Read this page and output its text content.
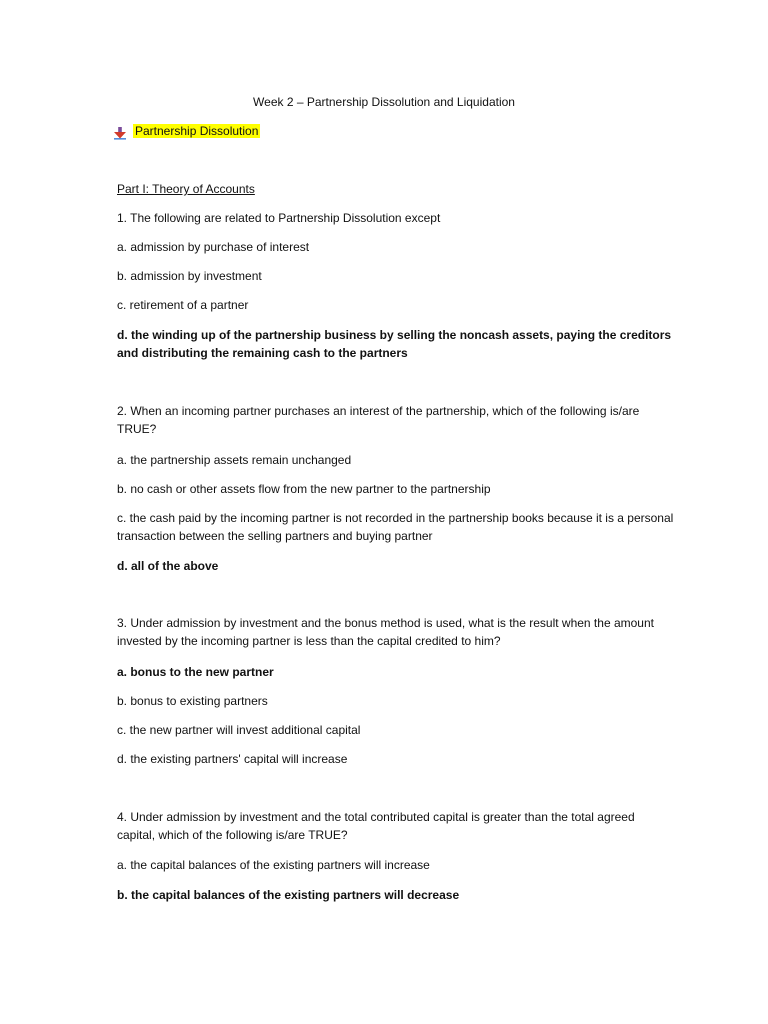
Week 2 – Partnership Dissolution and Liquidation
Partnership Dissolution
Part I: Theory of Accounts
1. The following are related to Partnership Dissolution except
a. admission by purchase of interest
b. admission by investment
c. retirement of a partner
d. the winding up of the partnership business by selling the noncash assets, paying the creditors and distributing the remaining cash to the partners
2. When an incoming partner purchases an interest of the partnership, which of the following is/are TRUE?
a. the partnership assets remain unchanged
b. no cash or other assets flow from the new partner to the partnership
c. the cash paid by the incoming partner is not recorded in the partnership books because it is a personal transaction between the selling partners and buying partner
d. all of the above
3. Under admission by investment and the bonus method is used, what is the result when the amount invested by the incoming partner is less than the capital credited to him?
a. bonus to the new partner
b. bonus to existing partners
c. the new partner will invest additional capital
d. the existing partners' capital will increase
4. Under admission by investment and the total contributed capital is greater than the total agreed capital, which of the following is/are TRUE?
a. the capital balances of the existing partners will increase
b. the capital balances of the existing partners will decrease
